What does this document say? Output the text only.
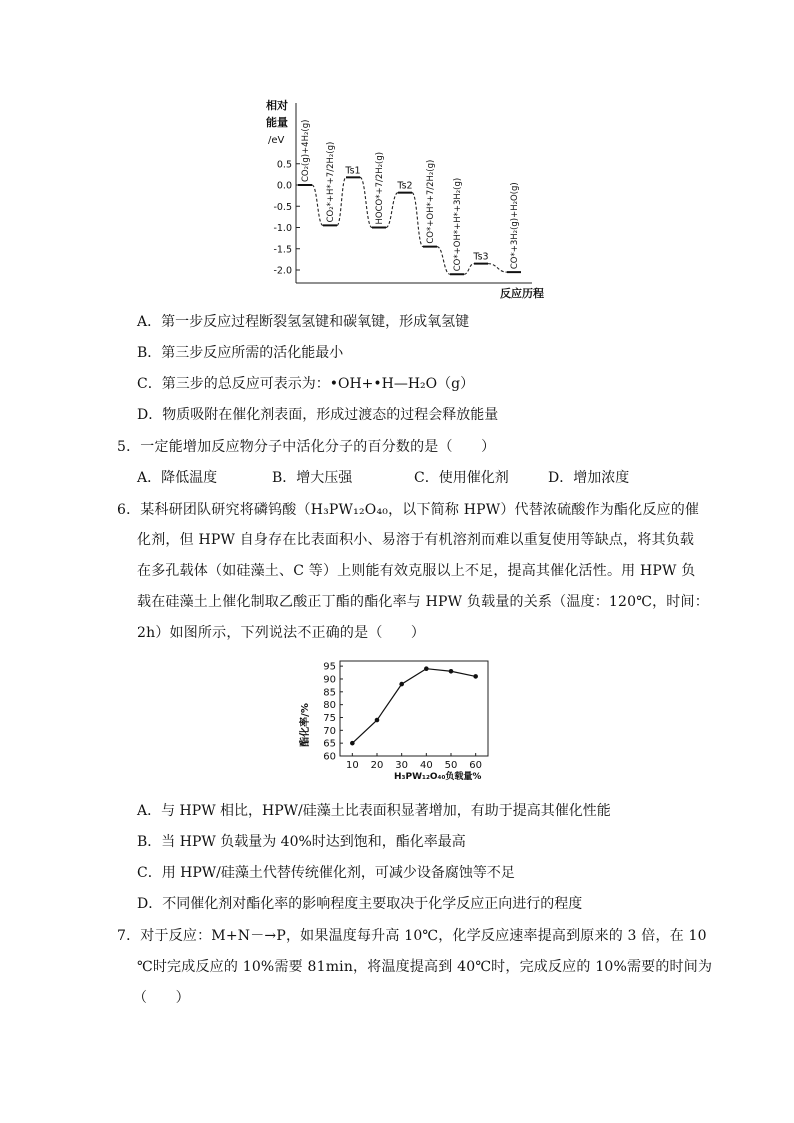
相对
能量
/eV
反应历程
0.5
0.0
-0.5
-1.0
-1.5
-2.0
CO₂(g)+4H₂(g) CO₂*+H*+7/2H₂(g) Ts1 HOCO*+7/2H₂(g) Ts2 CO*+OH*+7/2H₂(g) CO*+OH*+H*+3H₂(g) Ts3	CO*+3H₂(g)+H₂O(g)
A．第一步反应过程断裂氢氢键和碳氧键，形成氧氢键
B．第三步反应所需的活化能最小
C．第三步的总反应可表示为：•OH+•H—H₂O（g）
D．物质吸附在催化剂表面，形成过渡态的过程会释放能量
5．一定能增加反应物分子中活化分子的百分数的是（　　）
A．降低温度	B．增大压强	C．使用催化剂	D．增加浓度
6．某科研团队研究将磷钨酸（H₃PW₁₂O₄₀，以下简称 HPW）代替浓硫酸作为酯化反应的催
化剂，但 HPW 自身存在比表面积小、易溶于有机溶剂而难以重复使用等缺点，将其负载
在多孔载体（如硅藻土、C 等）上则能有效克服以上不足，提高其催化活性。用 HPW 负
载在硅藻土上催化制取乙酸正丁酯的酯化率与 HPW 负载量的关系（温度：120℃，时间：
2h）如图所示，下列说法不正确的是（　　）
酯化率/%
60
65
70
75
80
85
90
95
10 20 30 40 50 60
H₃PW₁₂O₄₀负载量%
A．与 HPW 相比，HPW/硅藻土比表面积显著增加，有助于提高其催化性能
B．当 HPW 负载量为 40%时达到饱和，酯化率最高
C．用 HPW/硅藻土代替传统催化剂，可减少设备腐蚀等不足
D．不同催化剂对酯化率的影响程度主要取决于化学反应正向进行的程度
7．对于反应：M+N－→P，如果温度每升高 10℃，化学反应速率提高到原来的 3 倍，在 10
℃时完成反应的 10%需要 81min，将温度提高到 40℃时，完成反应的 10%需要的时间为
（　　）
